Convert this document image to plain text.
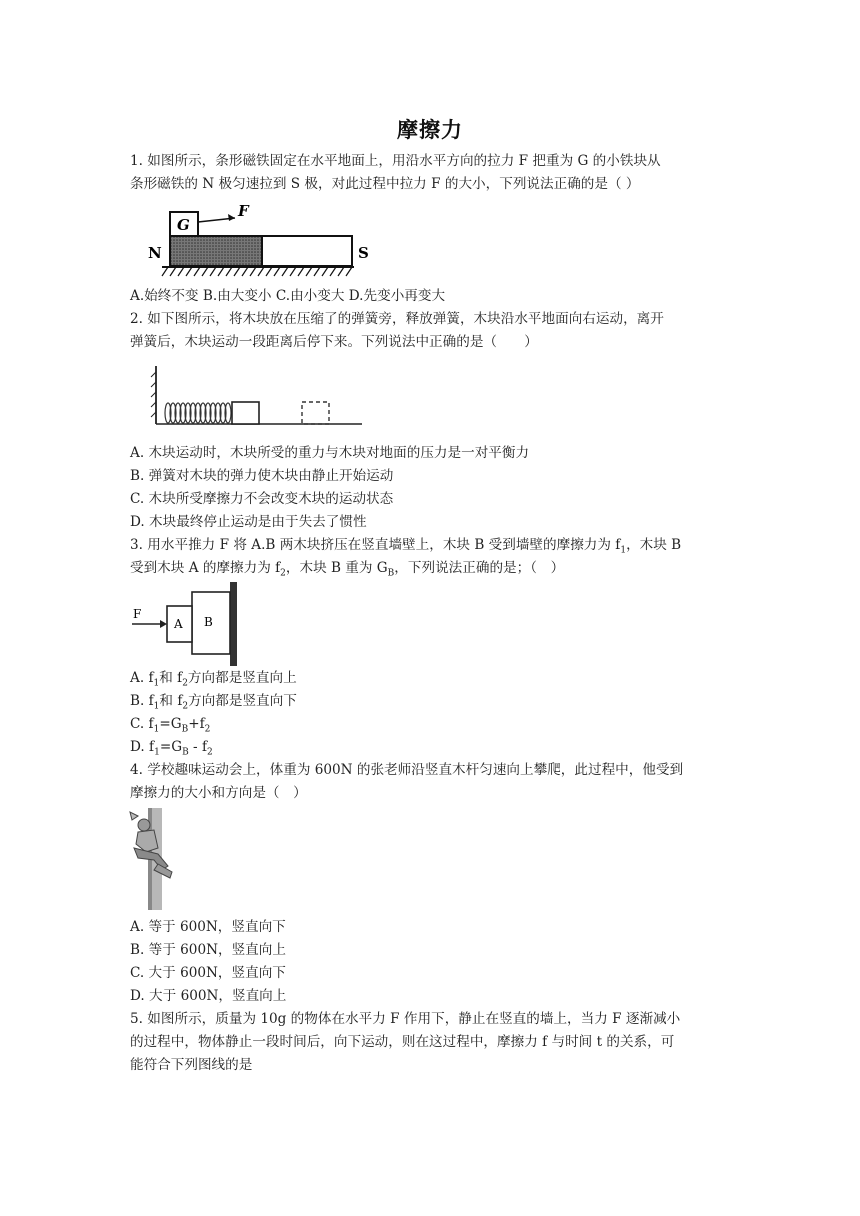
摩擦力
1. 如图所示，条形磁铁固定在水平地面上，用沿水平方向的拉力 F 把重为 G 的小铁块从
条形磁铁的 N 极匀速拉到 S 极，对此过程中拉力 F 的大小，下列说法正确的是（ ）
G
F
N	S
A.始终不变 B.由大变小 C.由小变大 D.先变小再变大
2. 如下图所示，将木块放在压缩了的弹簧旁，释放弹簧，木块沿水平地面向右运动，离开
弹簧后，木块运动一段距离后停下来。下列说法中正确的是（　　）
A. 木块运动时，木块所受的重力与木块对地面的压力是一对平衡力
B. 弹簧对木块的弹力使木块由静止开始运动
C. 木块所受摩擦力不会改变木块的运动状态
D. 木块最终停止运动是由于失去了惯性
3. 用水平推力 F 将 A.B 两木块挤压在竖直墙壁上，木块 B 受到墙壁的摩擦力为 $f_1$，木块 B
受到木块 A 的摩擦力为 $f_2$，木块 B 重为 $G_B$，下列说法正确的是；（　）
F
A B
A. $f_1$和 $f_2$方向都是竖直向上
B. $f_1$和 $f_2$方向都是竖直向下
C. $f_1=G_B+f_2$
D. $f_1=G_B - f_2$
4. 学校趣味运动会上，体重为 600N 的张老师沿竖直木杆匀速向上攀爬，此过程中，他受到
摩擦力的大小和方向是（　）
A. 等于 600N，竖直向下
B. 等于 600N，竖直向上
C. 大于 600N，竖直向下
D. 大于 600N，竖直向上
5. 如图所示，质量为 10g 的物体在水平力 F 作用下，静止在竖直的墙上，当力 F 逐渐减小
的过程中，物体静止一段时间后，向下运动，则在这过程中，摩擦力 f 与时间 t 的关系，可
能符合下列图线的是
